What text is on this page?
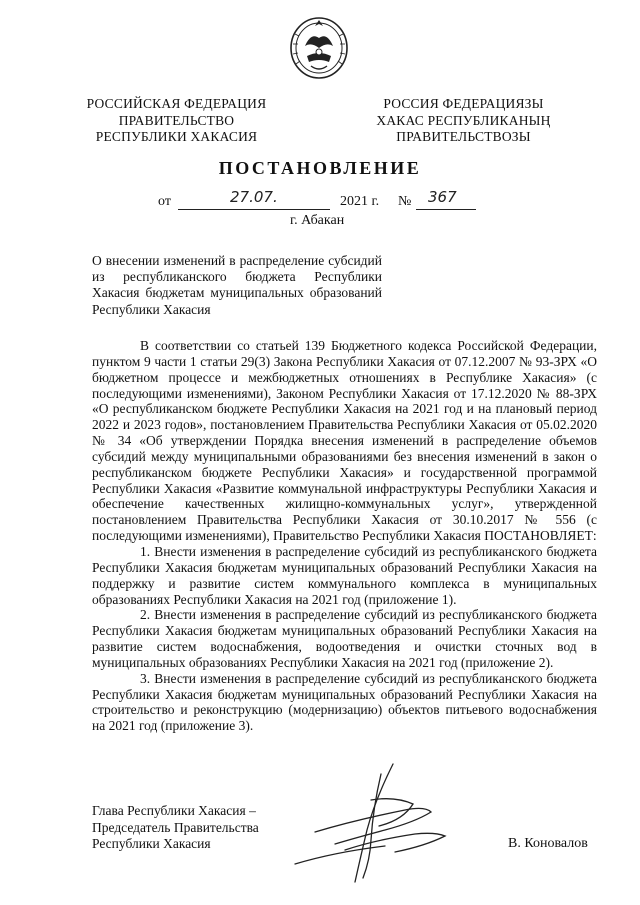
РОССИЙСКАЯ ФЕДЕРАЦИЯ
ПРАВИТЕЛЬСТВО
РЕСПУБЛИКИ ХАКАСИЯ
РОССИЯ ФЕДЕРАЦИЯЗЫ
ХАКАС РЕСПУБЛИКАНЫҢ
ПРАВИТЕЛЬСТВОЗЫ
ПОСТАНОВЛЕНИЕ
от	27.07.	2021 г. № 367
г. Абакан
О внесении изменений в распределение субсидий из республиканского бюджета Республики Хакасия бюджетам муниципальных образований Республики Хакасия

В соответствии со статьей 139 Бюджетного кодекса Российской Федерации, пунктом 9 части 1 статьи 29(3) Закона Республики Хакасия от 07.12.2007 № 93-ЗРХ «О бюджетном процессе и межбюджетных отношениях в Республике Хакасия» (с последующими изменениями), Законом Республики Хакасия от 17.12.2020 № 88-ЗРХ «О республиканском бюджете Республики Хакасия на 2021 год и на плановый период 2022 и 2023 годов», постановлением Правительства Республики Хакасия от 05.02.2020 № 34 «Об утверждении Порядка внесения изменений в распределение объемов субсидий между муниципальными образованиями без внесения изменений в закон о республиканском бюджете Республики Хакасия» и государственной программой Республики Хакасия «Развитие коммунальной инфраструктуры Республики Хакасия и обеспечение качественных жилищно-коммунальных услуг», утвержденной постановлением Правительства Республики Хакасия от 30.10.2017 № 556 (с последующими изменениями), Правительство Республики Хакасия ПОСТАНОВЛЯЕТ:

1. Внести изменения в распределение субсидий из республиканского бюджета Республики Хакасия бюджетам муниципальных образований Республики Хакасия на поддержку и развитие систем коммунального комплекса в муниципальных образованиях Республики Хакасия на 2021 год (приложение 1).

2. Внести изменения в распределение субсидий из республиканского бюджета Республики Хакасия бюджетам муниципальных образований Республики Хакасия на развитие систем водоснабжения, водоотведения и очистки сточных вод в муниципальных образованиях Республики Хакасия на 2021 год (приложение 2).

3. Внести изменения в распределение субсидий из республиканского бюджета Республики Хакасия бюджетам муниципальных образований Республики Хакасия на строительство и реконструкцию (модернизацию) объектов питьевого водоснабжения на 2021 год (приложение 3).

Глава Республики Хакасия –
Председатель Правительства
Республики Хакасия	В. Коновалов
